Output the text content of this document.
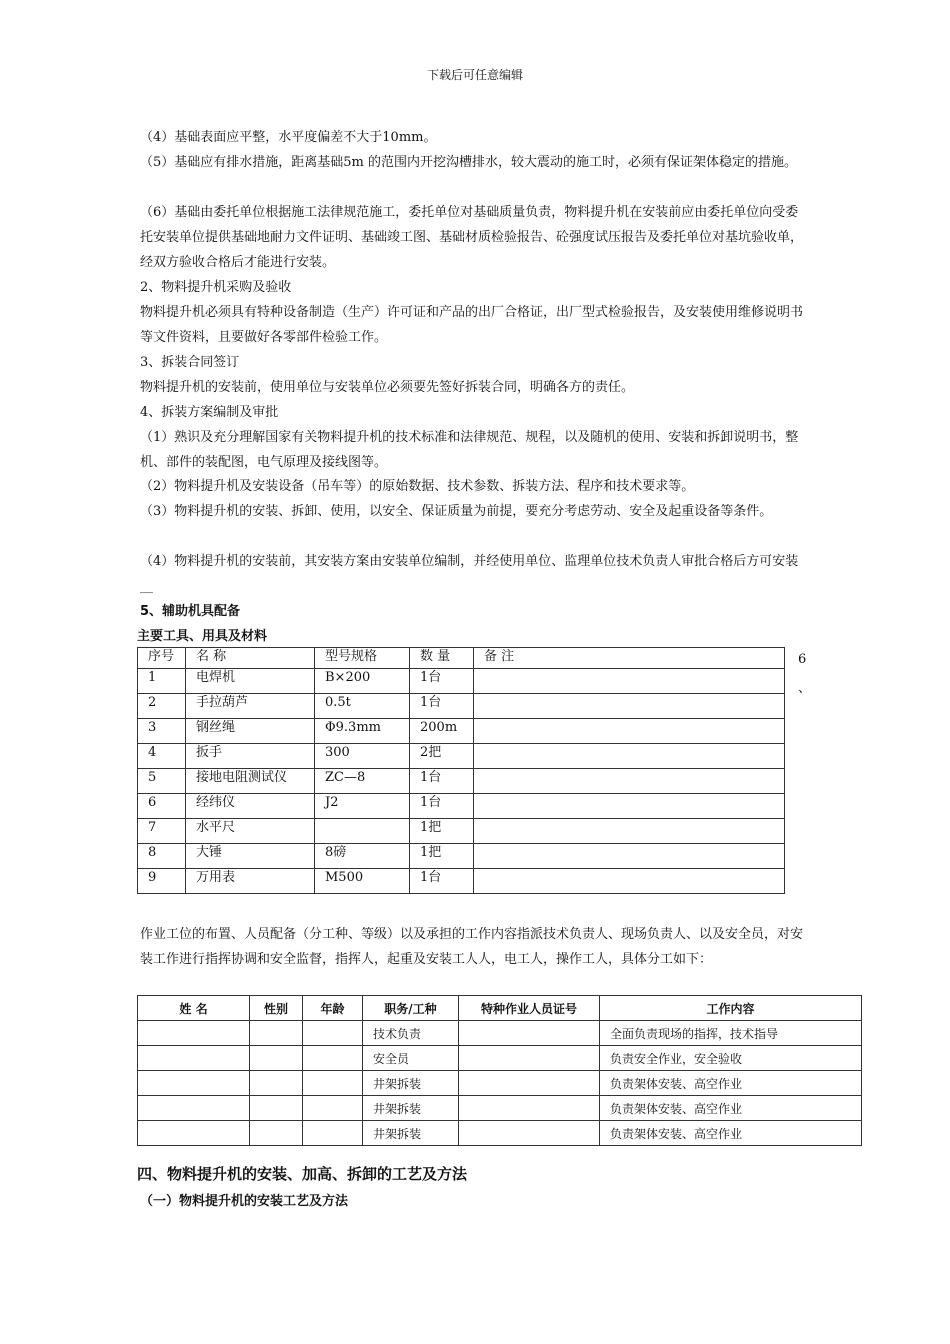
下载后可任意编辑

（4）基础表面应平整，水平度偏差不大于10mm。

（5）基础应有排水措施，距离基础5m 的范围内开挖沟槽排水，较大震动的施工时，必须有保证架体稳定的措施。

（6）基础由委托单位根据施工法律规范施工，委托单位对基础质量负责，物料提升机在安装前应由委托单位向受委托安装单位提供基础地耐力文件证明、基础竣工图、基础材质检验报告、砼强度试压报告及委托单位对基坑验收单，经双方验收合格后才能进行安装。

2、物料提升机采购及验收

物料提升机必须具有特种设备制造（生产）许可证和产品的出厂合格证，出厂型式检验报告，及安装使用维修说明书等文件资料，且要做好各零部件检验工作。

3、拆装合同签订

物料提升机的安装前，使用单位与安装单位必须要先签好拆装合同，明确各方的责任。

4、拆装方案编制及审批

（1）熟识及充分理解国家有关物料提升机的技术标准和法律规范、规程，以及随机的使用、安装和拆卸说明书，整机、部件的装配图，电气原理及接线图等。

（2）物料提升机及安装设备（吊车等）的原始数据、技术参数、拆装方法、程序和技术要求等。

（3）物料提升机的安装、拆卸、使用，以安全、保证质量为前提，要充分考虑劳动、安全及起重设备等条件。

（4）物料提升机的安装前，其安装方案由安装单位编制，并经使用单位、监理单位技术负责人审批合格后方可安装__

5、辅助机具配备

主要工具、用具及材料

序号	名 称	型号规格	数 量	备 注
1	电焊机	B×200	1台	
2	手拉葫芦	0.5t	1台	
3	钢丝绳	Φ9.3mm	200m	
4	扳手	300	2把	
5	接地电阻测试仪	ZC—8	1台	
6	经纬仪	J2	1台	
7	水平尺		1把	
8	大锤	8磅	1把	
9	万用表	M500	1台	
6
、

作业工位的布置、人员配备（分工种、等级）以及承担的工作内容指派技术负责人、现场负责人、以及安全员，对安装工作进行指挥协调和安全监督，指挥人，起重及安装工人人，电工人，操作工人，具体分工如下：

姓 名	性别	年龄	职务/工种	特种作业人员证号	工作内容
			技术负责		全面负责现场的指挥，技术指导
			安全员		负责安全作业，安全验收
			井架拆装		负责架体安装、高空作业
			井架拆装		负责架体安装、高空作业
			井架拆装		负责架体安装、高空作业

四、物料提升机的安装、加高、拆卸的工艺及方法

（一）物料提升机的安装工艺及方法
